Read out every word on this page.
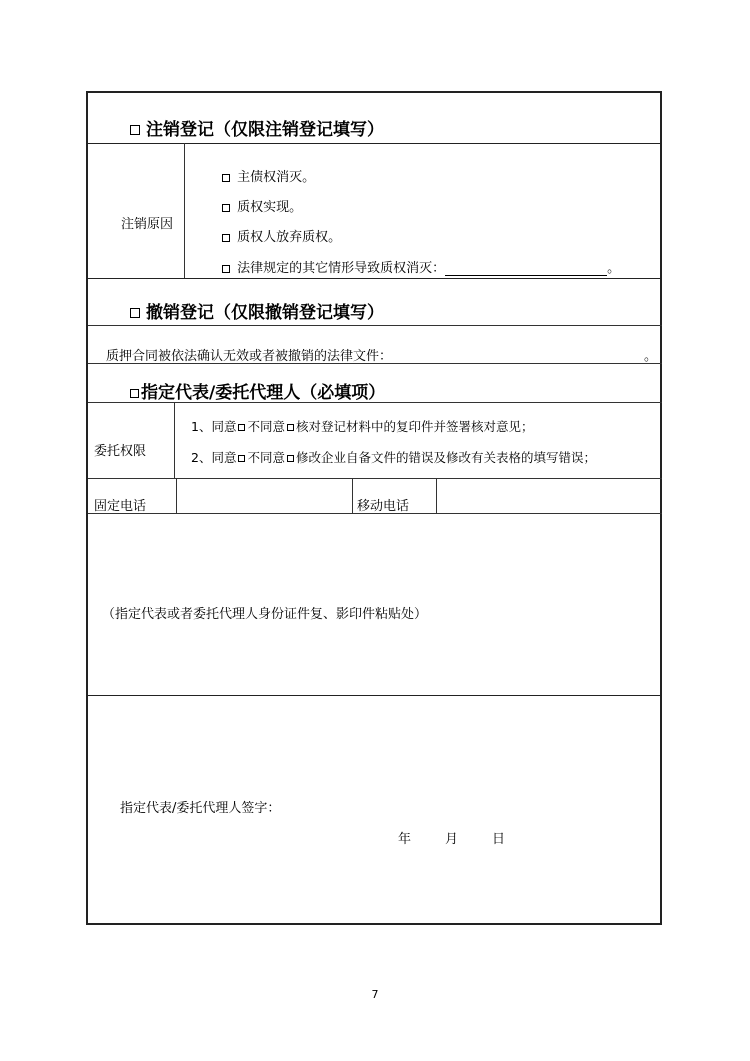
注销登记（仅限注销登记填写）
注销原因
主债权消灭。
质权实现。
质权人放弃质权。
法律规定的其它情形导致质权消灭：	。
撤销登记（仅限撤销登记填写）
质押合同被依法确认无效或者被撤销的法律文件：	。
指定代表/委托代理人（必填项）
委托权限
1、同意 不同意 核对登记材料中的复印件并签署核对意见；
2、同意 不同意 修改企业自备文件的错误及修改有关表格的填写错误；
固定电话	移动电话
（指定代表或者委托代理人身份证件复、影印件粘贴处）
指定代表/委托代理人签字：
年	月	日
7
